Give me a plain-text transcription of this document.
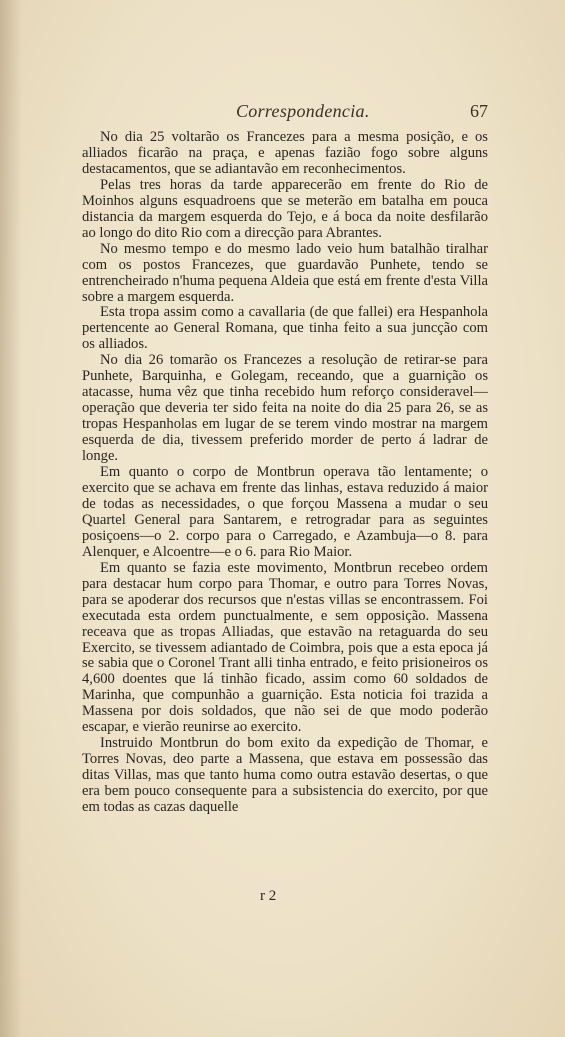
Correspondencia.	67

No dia 25 voltarão os Francezes para a mesma posição, e os alliados ficarão na praça, e apenas fazião fogo sobre alguns destacamentos, que se adiantavão em reconhecimentos.

Pelas tres horas da tarde apparecerão em frente do Rio de Moinhos alguns esquadroens que se meterão em batalha em pouca distancia da margem esquerda do Tejo, e á boca da noite desfilarão ao longo do dito Rio com a direcção para Abrantes.

No mesmo tempo e do mesmo lado veio hum batalhão tiralhar com os postos Francezes, que guardavão Punhete, tendo se entrencheirado n'huma pequena Aldeia que está em frente d'esta Villa sobre a margem esquerda.

Esta tropa assim como a cavallaria (de que fallei) era Hespanhola pertencente ao General Romana, que tinha feito a sua juncção com os alliados.

No dia 26 tomarão os Francezes a resolução de retirar-se para Punhete, Barquinha, e Golegam, receando, que a guarnição os atacasse, huma vêz que tinha recebido hum reforço consideravel—operação que deveria ter sido feita na noite do dia 25 para 26, se as tropas Hespanholas em lugar de se terem vindo mostrar na margem esquerda de dia, tivessem preferido morder de perto á ladrar de longe.

Em quanto o corpo de Montbrun operava tão lentamente; o exercito que se achava em frente das linhas, estava reduzido á maior de todas as necessidades, o que forçou Massena a mudar o seu Quartel General para Santarem, e retrogradar para as seguintes posiçoens—o 2. corpo para o Carregado, e Azambuja—o 8. para Alenquer, e Alcoentre—e o 6. para Rio Maior.

Em quanto se fazia este movimento, Montbrun recebeo ordem para destacar hum corpo para Thomar, e outro para Torres Novas, para se apoderar dos recursos que n'estas villas se encontrassem. Foi executada esta ordem punctualmente, e sem opposição. Massena receava que as tropas Alliadas, que estavão na retaguarda do seu Exercito, se tivessem adiantado de Coimbra, pois que a esta epoca já se sabia que o Coronel Trant alli tinha entrado, e feito prisioneiros os 4,600 doentes que lá tinhão ficado, assim como 60 soldados de Marinha, que compunhão a guarnição. Esta noticia foi trazida a Massena por dois soldados, que não sei de que modo poderão escapar, e vierão reunirse ao exercito.

Instruido Montbrun do bom exito da expedição de Thomar, e Torres Novas, deo parte a Massena, que estava em possessão das ditas Villas, mas que tanto huma como outra estavão desertas, o que era bem pouco consequente para a subsistencia do exercito, por que em todas as cazas daquelle

r 2
